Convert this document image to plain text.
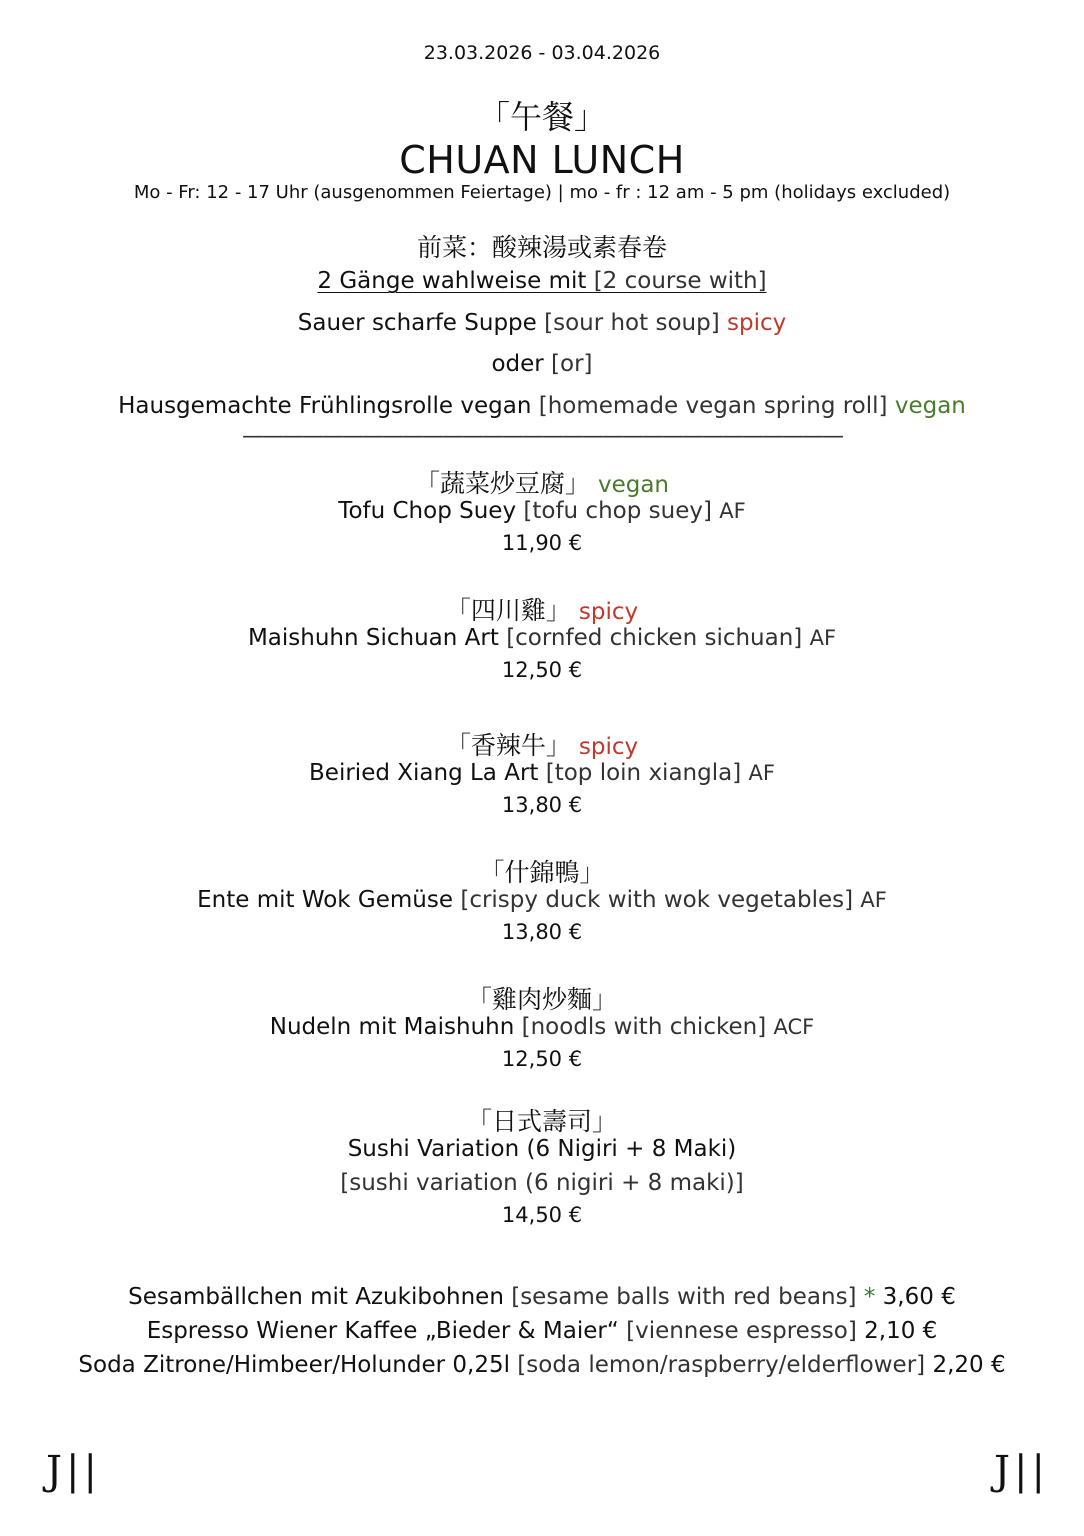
23.03.2026 - 03.04.2026
「午餐」
CHUAN LUNCH
Mo - Fr: 12 - 17 Uhr (ausgenommen Feiertage) | mo - fr : 12 am - 5 pm (holidays excluded)
前菜：酸辣湯或素春卷
2 Gänge wahlweise mit [2 course with]
Sauer scharfe Suppe [sour hot soup] spicy
oder [or]
Hausgemachte Frühlingsrolle vegan [homemade vegan spring roll] vegan
——————————————————————————————
「蔬菜炒豆腐」 vegan
Tofu Chop Suey [tofu chop suey] AF
11,90 €
「四川雞」 spicy
Maishuhn Sichuan Art [cornfed chicken sichuan] AF
12,50 €
「香辣牛」 spicy
Beiried Xiang La Art [top loin xiangla] AF
13,80 €
「什錦鴨」
Ente mit Wok Gemüse [crispy duck with wok vegetables] AF
13,80 €
「雞肉炒麵」
Nudeln mit Maishuhn [noodls with chicken] ACF
12,50 €
「日式壽司」
Sushi Variation (6 Nigiri + 8 Maki)
[sushi variation (6 nigiri + 8 maki)]
14,50 €
Sesambällchen mit Azukibohnen [sesame balls with red beans] * 3,60 €
Espresso Wiener Kaffee „Bieder & Maier“ [viennese espresso] 2,10 €
Soda Zitrone/Himbeer/Holunder 0,25l [soda lemon/raspberry/elderflower] 2,20 €
J||	J||
